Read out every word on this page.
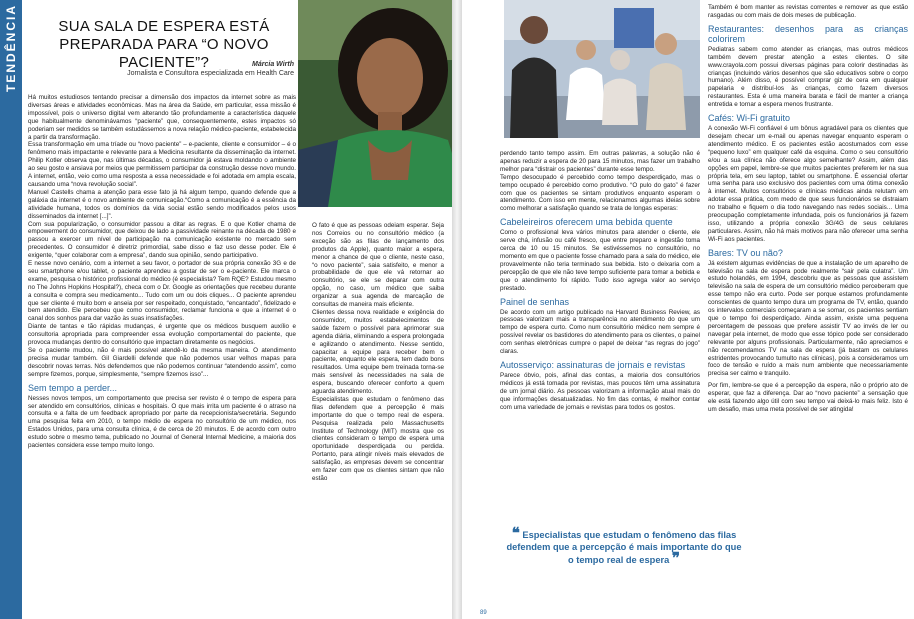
TENDÊNCIA	SUA SALA DE ESPERA ESTÁ PREPARADA PARA “O NOVO PACIENTE”?	Márcia Wirth
Jornalista e Consultora especializada em Health Care

Há muitos estudiosos tentando precisar a dimensão dos impactos da internet sobre as mais diversas áreas e atividades econômicas. Mas na área da Saúde, em particular, essa missão é impossível, pois o universo digital vem alterando tão profundamente a característica daquele que habitualmente denominávamos “paciente” que, consequentemente, estes impactos só poderiam ser medidos se também estudássemos a nova relação médico-paciente, estabelecida a partir da transformação.

Essa transformação em uma tríade ou “novo paciente” – e-paciente, cliente e consumidor – é o fenômeno mais impactante e relevante para a Medicina resultante da disseminação da internet. Philip Kotler observa que, nas últimas décadas, o consumidor já estava moldando o ambiente ao seu gosto e ansiava por meios que permitissem participar da construção desse novo mundo. A internet, então, veio como uma resposta a essa necessidade e foi adotada em ampla escala, causando uma “nova revolução social”.

Manuel Castells chama a atenção para esse fato já há algum tempo, quando defende que a galáxia da internet é o novo ambiente de comunicação.“Como a comunicação é a essência da atividade humana, todos os domínios da vida social estão sendo modificados pelos usos disseminados da internet [...]”.

Com sua popularização, o consumidor passou a ditar as regras. E o que Kotler chama de empowerment do consumidor, que deixou de lado a passividade reinante na década de 1980 e passou a exercer um nível de participação na comunicação existente no mercado sem precedentes. O consumidor é diretriz primordial, sabe disso e faz uso desse poder. Ele é exigente, “quer colaborar com a empresa”, dando sua opinião, sendo participativo.

E nesse novo cenário, com a internet a seu favor, o portador de sua própria conexão 3G e de seu smartphone e/ou tablet, o paciente aprendeu a gostar de ser o e-paciente. Ele marca o exame, pesquisa o histórico profissional do médico (é especialista? Tem RQE? Estudou mesmo no The Johns Hopkins Hospital?), checa com o Dr. Google as orientações que recebeu durante a consulta e compra seu medicamento... Tudo com um ou dois cliques... O paciente aprendeu que ser cliente é muito bom e anseia por ser respeitado, conquistado, “encantado”, fidelizado e bem atendido. Ele percebeu que como consumidor, reclamar funciona e que a internet é o canal dos sonhos para dar vazão às suas insatisfações.

Diante de tantas e tão rápidas mudanças, é urgente que os médicos busquem auxílio e consultoria apropriada para compreender essa evolução comportamental do paciente, que provoca mudanças dentro do consultório que impactam diretamente os negócios.

Se o paciente mudou, não é mais possível atendê-lo da mesma maneira. O atendimento precisa mudar também. Gil Giardelli defende que não podemos usar velhos mapas para descobrir novas terras. Nós defendemos que não podemos continuar “atendendo assim”, como sempre fizemos, porque, simplesmente, “sempre fizemos isso”...

Sem tempo a perder...

Nesses novos tempos, um comportamento que precisa ser revisto é o tempo de espera para ser atendido em consultórios, clínicas e hospitais. O que mais irrita um paciente é o atraso na consulta e a falta de um feedback apropriado por parte da recepcionista/secretária. Segundo uma pesquisa feita em 2010, o tempo médio de espera no consultório de um médico, nos Estados Unidos, para uma consulta clínica, é de cerca de 20 minutos. E de acordo com outro estudo sobre o mesmo tema, publicado no Journal of General Internal Medicine, a maioria dos pacientes considera esse tempo muito longo.

O fato é que as pessoas odeiam esperar. Seja nos Correios ou no consultório médico (a exceção são as filas de lançamento dos produtos da Apple), quanto maior a espera, menor a chance de que o cliente, neste caso, “o novo paciente”, saia satisfeito, e menor a probabilidade de que ele vá retornar ao consultório, se ele se deparar com outra opção, no caso, um médico que saiba organizar a sua agenda de marcação de consultas de maneira mais eficiente.

Clientes dessa nova realidade e exigência do consumidor, muitos estabelecimentos de saúde fazem o possível para aprimorar sua agenda diária, eliminando a espera prolongada e agilizando o atendimento. Nesse sentido, capacitar a equipe para receber bem o paciente, enquanto ele espera, tem dado bons resultados. Uma equipe bem treinada torna-se mais sensível às necessidades na sala de espera, buscando oferecer conforto a quem aguarda atendimento.

Especialistas que estudam o fenômeno das filas defendem que a percepção é mais importante do que o tempo real de espera. Pesquisa realizada pelo Massachusetts Institute of Technology (MIT) mostra que os clientes consideram o tempo de espera uma oportunidade desperdiçada ou perdida. Portanto, para atingir níveis mais elevados de satisfação, as empresas devem se concentrar em fazer com que os clientes sintam que não estão

88

perdendo tanto tempo assim. Em outras palavras, a solução não é apenas reduzir a espera de 20 para 15 minutos, mas fazer um trabalho melhor para “distrair os pacientes” durante esse tempo.

Tempo desocupado é percebido como tempo desperdiçado, mas o tempo ocupado é percebido como produtivo. “O pulo do gato” é fazer com que os pacientes se sintam produtivos enquanto esperam o atendimento. Com isso em mente, relacionamos algumas ideias sobre como melhorar a satisfação quando se trata de longas esperas:

Cabeleireiros oferecem uma bebida quente

Como o profissional leva vários minutos para atender o cliente, ele serve chá, infusão ou café fresco, que entre preparo e ingestão toma cerca de 10 ou 15 minutos. Se estivéssemos no consultório, no momento em que o paciente fosse chamado para a sala do médico, ele provavelmente não teria terminado sua bebida. Isto o deixaria com a percepção de que ele não teve tempo suficiente para tomar a bebida e que o atendimento foi rápido. Tudo isso agrega valor ao serviço prestado.

Painel de senhas

De acordo com um artigo publicado na Harvard Business Review, as pessoas valorizam mais a transparência no atendimento do que um tempo de espera curto. Como num consultório médico nem sempre é possível revelar os bastidores do atendimento para os clientes, o painel com senhas eletrônicas cumpre o papel de deixar “as regras do jogo” claras.

Autosserviço: assinaturas de jornais e revistas

Parece óbvio, pois, afinal das contas, a maioria dos consultórios médicos já está tomada por revistas, mas poucos têm uma assinatura de um jornal diário. As pessoas valorizam a informação atual mais do que informações desatualizadas. No fim das contas, é melhor contar com uma variedade de jornais e revistas para todos os gostos.

❝ Especialistas que estudam o fenômeno das filas defendem que a percepção é mais importante do que o tempo real de espera ❞

Também é bom manter as revistas correntes e remover as que estão rasgadas ou com mais de dois meses de publicação.

Restaurantes: desenhos para as crianças colorirem

Pediatras sabem como atender as crianças, mas outros médicos também devem prestar atenção a estes clientes. O site www.crayola.com possui diversas páginas para colorir destinadas às crianças (incluindo vários desenhos que são educativos sobre o corpo humano). Além disso, é possível comprar giz de cera em qualquer papelaria e distribuí-los às crianças, como fazem diversos restaurantes. Esta é uma maneira barata e fácil de manter a criança entretida e tornar a espera menos frustrante.

Cafés: Wi-Fi gratuito

A conexão Wi-Fi confiável é um bônus agradável para os clientes que desejam checar um e-mail ou apenas navegar enquanto esperam o atendimento médico. E os pacientes estão acostumados com esse “pequeno luxo” em qualquer café da esquina. Como o seu consultório e/ou a sua clínica não oferece algo semelhante? Assim, além das opções em papel, lembre-se que muitos pacientes preferem ler na sua própria tela, em seu laptop, tablet ou smartphone. É essencial ofertar uma senha para uso exclusivo dos pacientes com uma ótima conexão à internet. Muitos consultórios e clínicas médicas ainda relutam em adotar essa prática, com medo de que seus funcionários se distraiam no trabalho e fiquem o dia todo navegando nas redes sociais... Uma preocupação completamente infundada, pois os funcionários já fazem isso, utilizando a própria conexão 3G/4G de seus celulares particulares. Assim, não há mais motivos para não oferecer uma senha Wi-Fi aos pacientes.

Bares: TV ou não?

Já existem algumas evidências de que a instalação de um aparelho de televisão na sala de espera pode realmente “sair pela culatra”. Um estudo holandês, em 1994, descobriu que as pessoas que assistem televisão na sala de espera de um consultório médico perceberam que esse tempo não era curto. Pode ser porque estamos profundamente conscientes de quanto tempo dura um programa de TV, então, quando os intervalos comerciais começaram a se somar, os pacientes sentiam que o tempo foi desperdiçado. Ainda assim, existe uma pequena percentagem de pessoas que prefere assistir TV ao invés de ler ou navegar pela internet, de modo que esse tópico pode ser considerado relevante por alguns profissionais. Particularmente, não apreciamos e não recomendamos TV na sala de espera (já bastam os celulares estridentes provocando tumulto nas clínicas), pois a consideramos um foco de tensão e ruído a mais num ambiente que necessariamente precisa ser calmo e tranquilo.

Por fim, lembre-se que é a percepção da espera, não o próprio ato de esperar, que faz a diferença. Dar ao “novo paciente” a sensação que ele está fazendo algo útil com seu tempo vai deixá-lo mais feliz. Isto é um desafio, mas uma meta possível de ser atingida!

89
